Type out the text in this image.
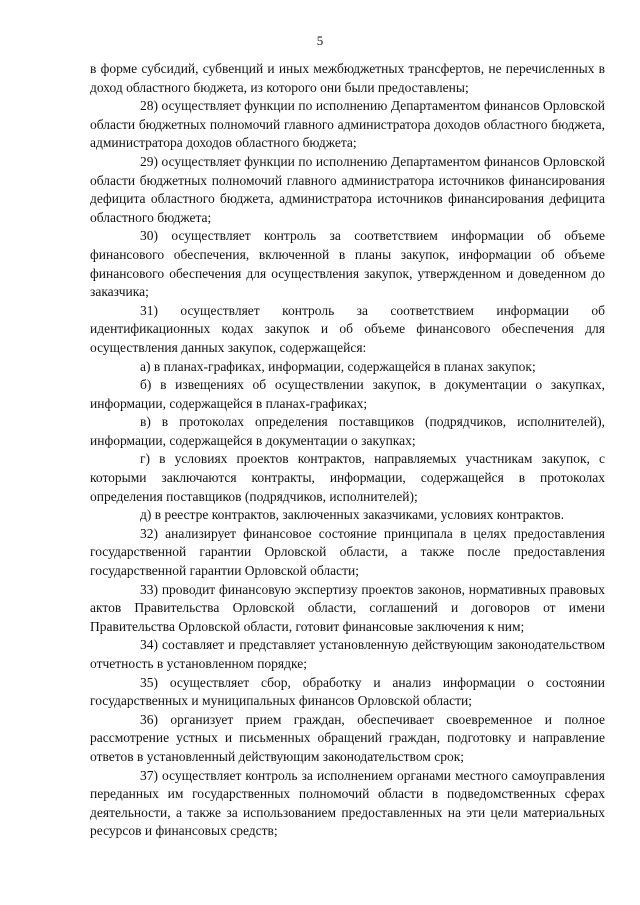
5

в форме субсидий, субвенций и иных межбюджетных трансфертов, не перечисленных в доход областного бюджета, из которого они были предоставлены;

28) осуществляет функции по исполнению Департаментом финансов Орловской области бюджетных полномочий главного администратора доходов областного бюджета, администратора доходов областного бюджета;

29) осуществляет функции по исполнению Департаментом финансов Орловской области бюджетных полномочий главного администратора источников финансирования дефицита областного бюджета, администратора источников финансирования дефицита областного бюджета;

30) осуществляет контроль за соответствием информации об объеме финансового обеспечения, включенной в планы закупок, информации об объеме финансового обеспечения для осуществления закупок, утвержденном и доведенном до заказчика;

31) осуществляет контроль за соответствием информации об идентификационных кодах закупок и об объеме финансового обеспечения для осуществления данных закупок, содержащейся:

а) в планах-графиках, информации, содержащейся в планах закупок;

б) в извещениях об осуществлении закупок, в документации о закупках, информации, содержащейся в планах-графиках;

в) в протоколах определения поставщиков (подрядчиков, исполнителей), информации, содержащейся в документации о закупках;

г) в условиях проектов контрактов, направляемых участникам закупок, с которыми заключаются контракты, информации, содержащейся в протоколах определения поставщиков (подрядчиков, исполнителей);

д) в реестре контрактов, заключенных заказчиками, условиях контрактов.

32) анализирует финансовое состояние принципала в целях предоставления государственной гарантии Орловской области, а также после предоставления государственной гарантии Орловской области;

33) проводит финансовую экспертизу проектов законов, нормативных правовых актов Правительства Орловской области, соглашений и договоров от имени Правительства Орловской области, готовит финансовые заключения к ним;

34) составляет и представляет установленную действующим законодательством отчетность в установленном порядке;

35) осуществляет сбор, обработку и анализ информации о состоянии государственных и муниципальных финансов Орловской области;

36) организует прием граждан, обеспечивает своевременное и полное рассмотрение устных и письменных обращений граждан, подготовку и направление ответов в установленный действующим законодательством срок;

37) осуществляет контроль за исполнением органами местного самоуправления переданных им государственных полномочий области в подведомственных сферах деятельности, а также за использованием предоставленных на эти цели материальных ресурсов и финансовых средств;
